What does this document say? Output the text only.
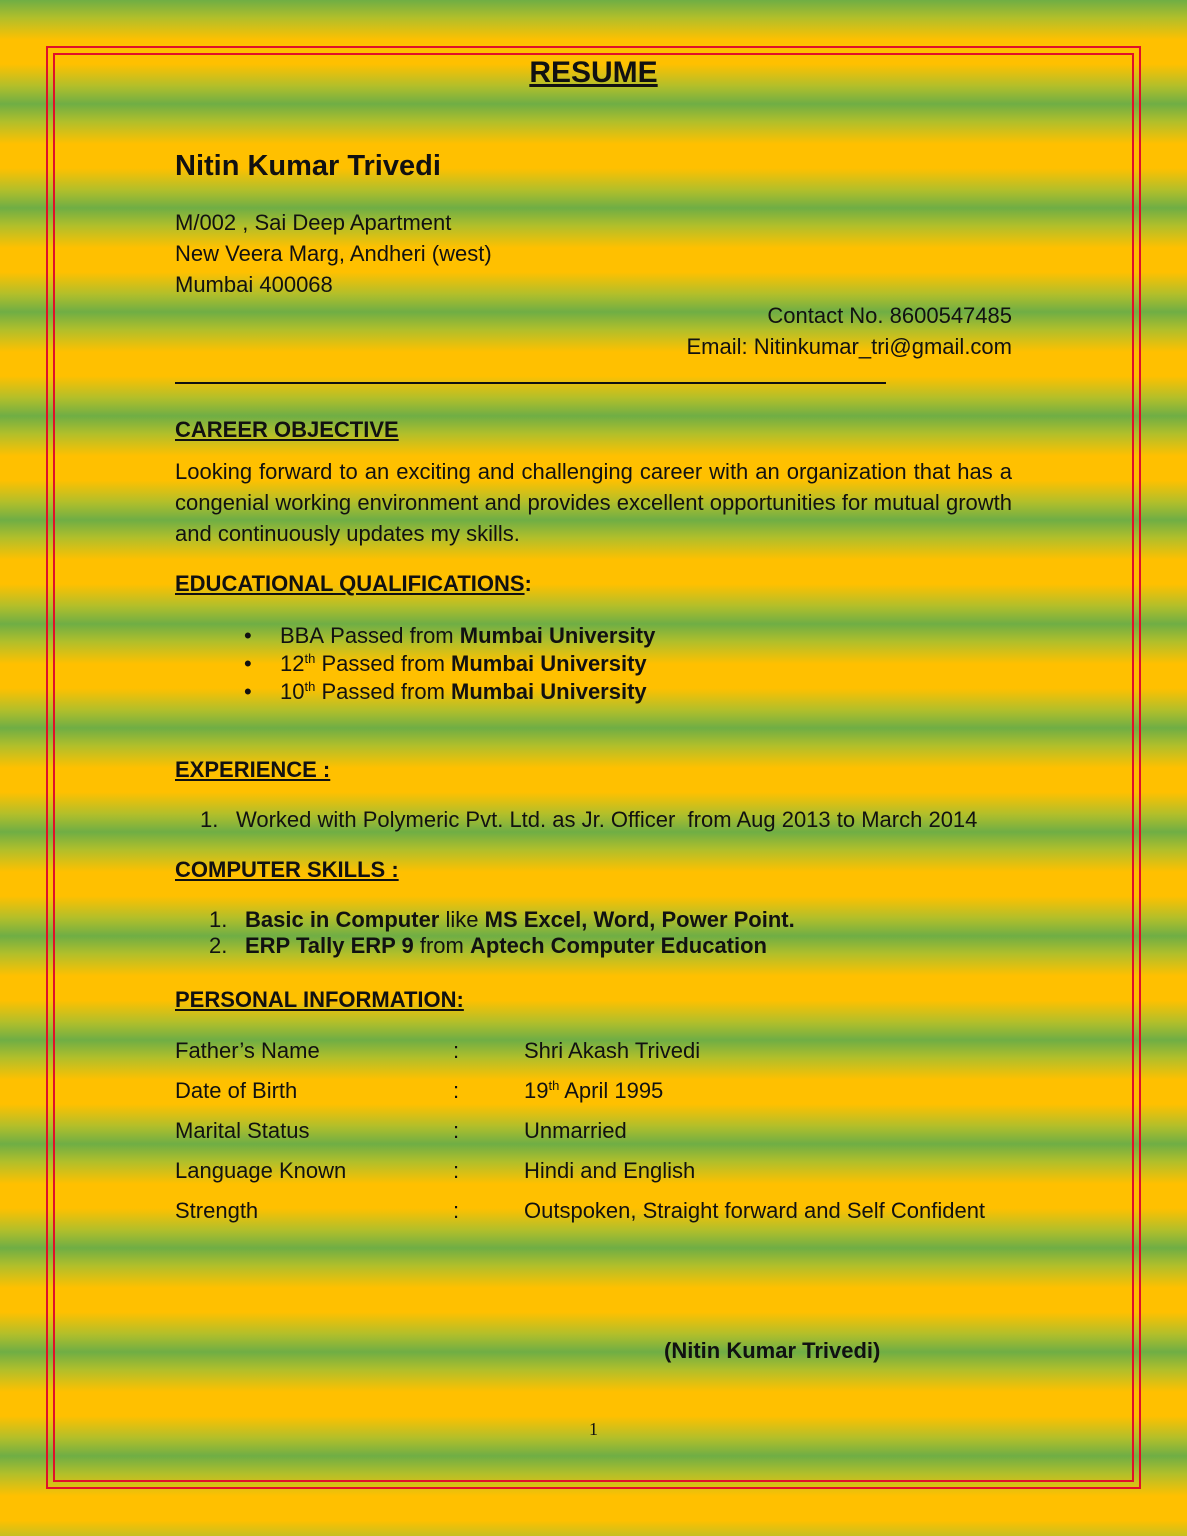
RESUME
Nitin Kumar Trivedi
M/002 , Sai Deep Apartment
New Veera Marg, Andheri (west)
Mumbai 400068
Contact No. 8600547485
Email: Nitinkumar_tri@gmail.com
CAREER OBJECTIVE
Looking forward to an exciting and challenging career with an organization that has a congenial working environment and provides excellent opportunities for mutual growth and continuously updates my skills.
EDUCATIONAL QUALIFICATIONS:
• BBA Passed from Mumbai University
• 12th Passed from Mumbai University
• 10th Passed from Mumbai University
EXPERIENCE :
1. Worked with Polymeric Pvt. Ltd. as Jr. Officer  from Aug 2013 to March 2014
COMPUTER SKILLS :
1. Basic in Computer like MS Excel, Word, Power Point.
2. ERP Tally ERP 9 from Aptech Computer Education
PERSONAL INFORMATION:
Father’s Name	:	Shri Akash Trivedi
Date of Birth	:	19th April 1995
Marital Status	:	Unmarried
Language Known	:	Hindi and English
Strength	:	Outspoken, Straight forward and Self Confident
(Nitin Kumar Trivedi)
1
